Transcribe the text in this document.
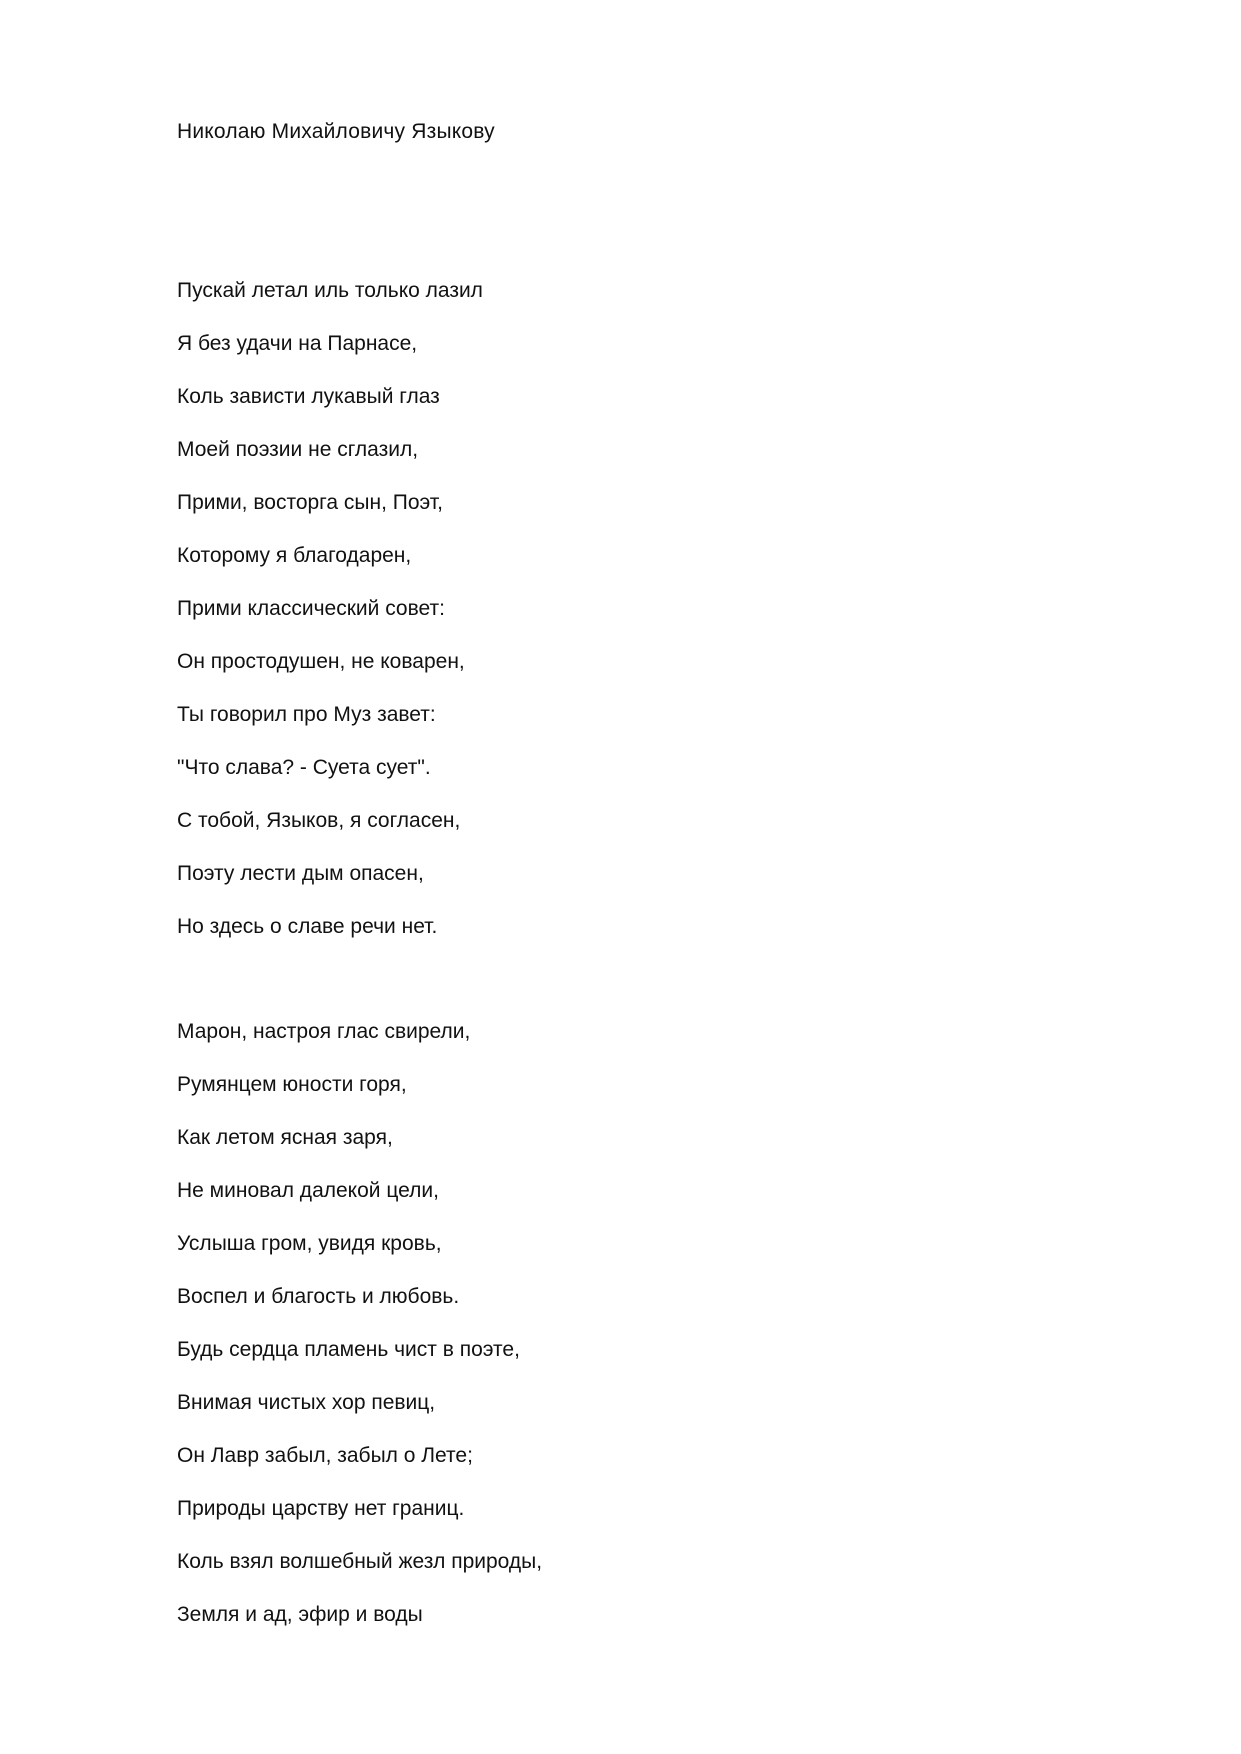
Николаю Михайловичу Языкову
Пускай летал иль только лазил
Я без удачи на Парнасе,
Коль зависти лукавый глаз
Моей поэзии не сглазил,
Прими, восторга сын, Поэт,
Которому я благодарен,
Прими классический совет:
Он простодушен, не коварен,
Ты говорил про Муз завет:
"Что слава? - Суета сует".
С тобой, Языков, я согласен,
Поэту лести дым опасен,
Но здесь о славе речи нет.
Марон, настроя глас свирели,
Румянцем юности горя,
Как летом ясная заря,
Не миновал далекой цели,
Услыша гром, увидя кровь,
Воспел и благость и любовь.
Будь сердца пламень чист в поэте,
Внимая чистых хор певиц,
Он Лавр забыл, забыл о Лете;
Природы царству нет границ.
Коль взял волшебный жезл природы,
Земля и ад, эфир и воды
